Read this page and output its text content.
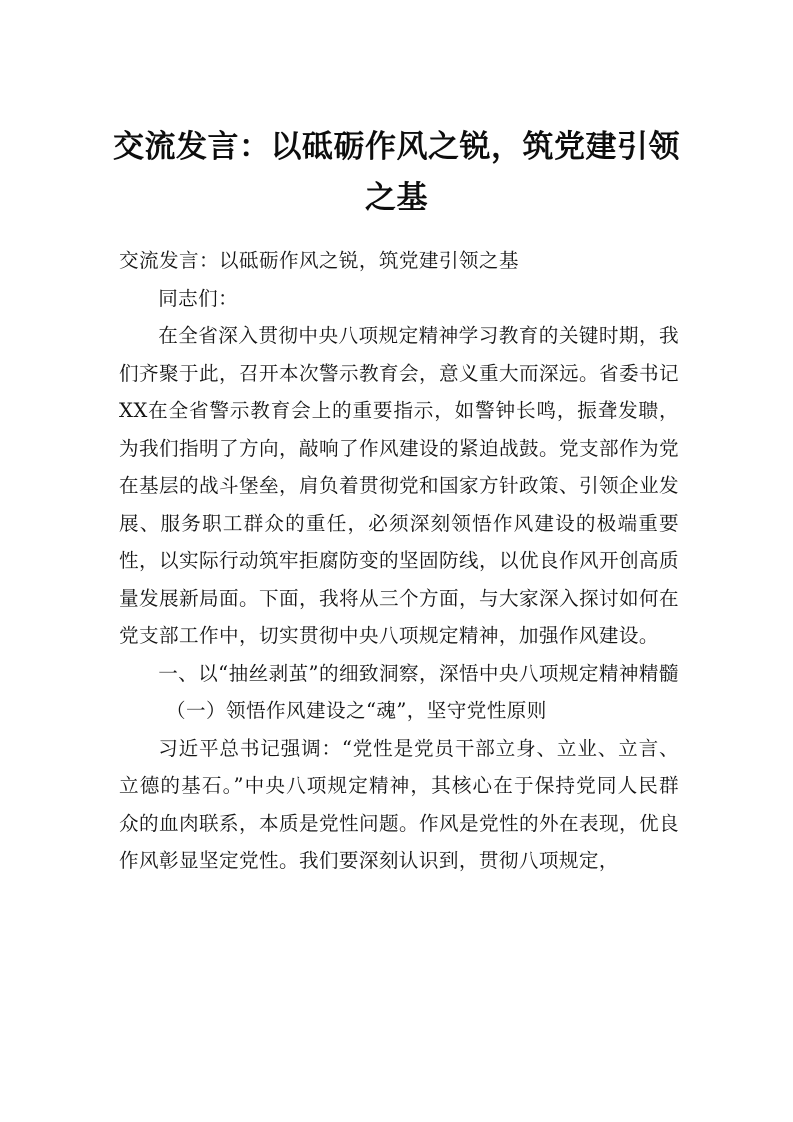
交流发言：以砥砺作风之锐，筑党建引领之基

交流发言：以砥砺作风之锐，筑党建引领之基

同志们：

在全省深入贯彻中央八项规定精神学习教育的关键时期，我们齐聚于此，召开本次警示教育会，意义重大而深远。省委书记XX在全省警示教育会上的重要指示，如警钟长鸣，振聋发聩，为我们指明了方向，敲响了作风建设的紧迫战鼓。党支部作为党在基层的战斗堡垒，肩负着贯彻党和国家方针政策、引领企业发展、服务职工群众的重任，必须深刻领悟作风建设的极端重要性，以实际行动筑牢拒腐防变的坚固防线，以优良作风开创高质量发展新局面。下面，我将从三个方面，与大家深入探讨如何在党支部工作中，切实贯彻中央八项规定精神，加强作风建设。

一、以“抽丝剥茧”的细致洞察，深悟中央八项规定精神精髓

（一）领悟作风建设之“魂”，坚守党性原则

习近平总书记强调：“党性是党员干部立身、立业、立言、立德的基石。”中央八项规定精神，其核心在于保持党同人民群众的血肉联系，本质是党性问题。作风是党性的外在表现，优良作风彰显坚定党性。我们要深刻认识到，贯彻八项规定，
